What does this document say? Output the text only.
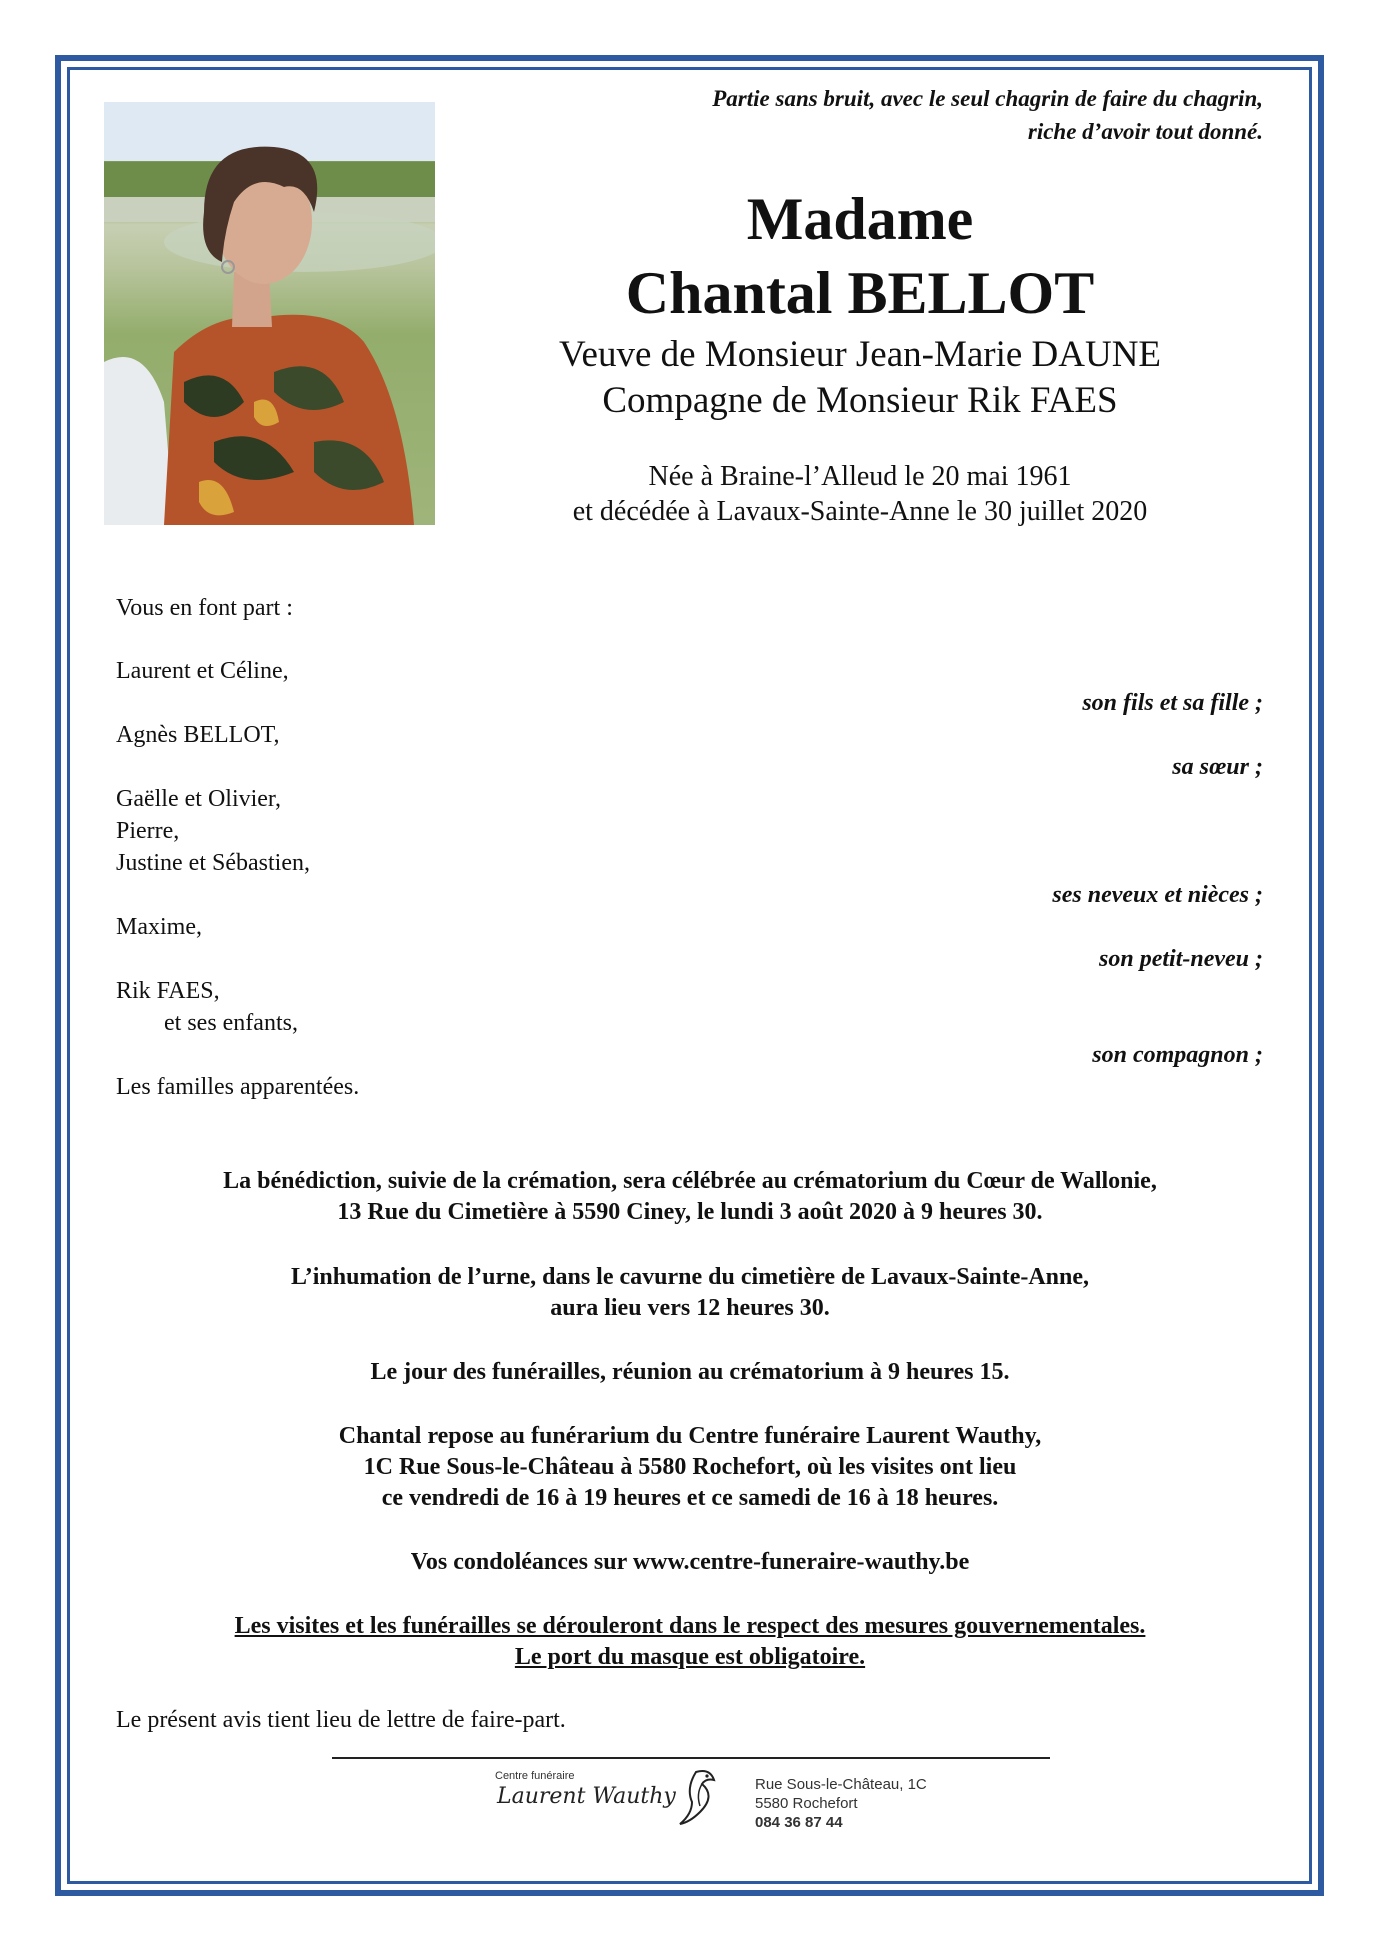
Partie sans bruit, avec le seul chagrin de faire du chagrin,
riche d’avoir tout donné.
Madame
Chantal BELLOT
Veuve de Monsieur Jean-Marie DAUNE
Compagne de Monsieur Rik FAES
Née à Braine-l’Alleud le 20 mai 1961
et décédée à Lavaux-Sainte-Anne le 30 juillet 2020
Vous en font part :
Laurent et Céline,
son fils et sa fille ;
Agnès BELLOT,
sa sœur ;
Gaëlle et Olivier,
Pierre,
Justine et Sébastien,
ses neveux et nièces ;
Maxime,
son petit-neveu ;
Rik FAES,
et ses enfants,
son compagnon ;
Les familles apparentées.
La bénédiction, suivie de la crémation, sera célébrée au crématorium du Cœur de Wallonie,
13 Rue du Cimetière à 5590 Ciney, le lundi 3 août 2020 à 9 heures 30.
L’inhumation de l’urne, dans le cavurne du cimetière de Lavaux-Sainte-Anne,
aura lieu vers 12 heures 30.
Le jour des funérailles, réunion au crématorium à 9 heures 15.
Chantal repose au funérarium du Centre funéraire Laurent Wauthy,
1C Rue Sous-le-Château à 5580 Rochefort, où les visites ont lieu
ce vendredi de 16 à 19 heures et ce samedi de 16 à 18 heures.
Vos condoléances sur www.centre-funeraire-wauthy.be
Les visites et les funérailles se dérouleront dans le respect des mesures gouvernementales.
Le port du masque est obligatoire.
Le présent avis tient lieu de lettre de faire-part.
Centre funéraire
Laurent Wauthy	Rue Sous-le-Château, 1C
5580 Rochefort
084 36 87 44
